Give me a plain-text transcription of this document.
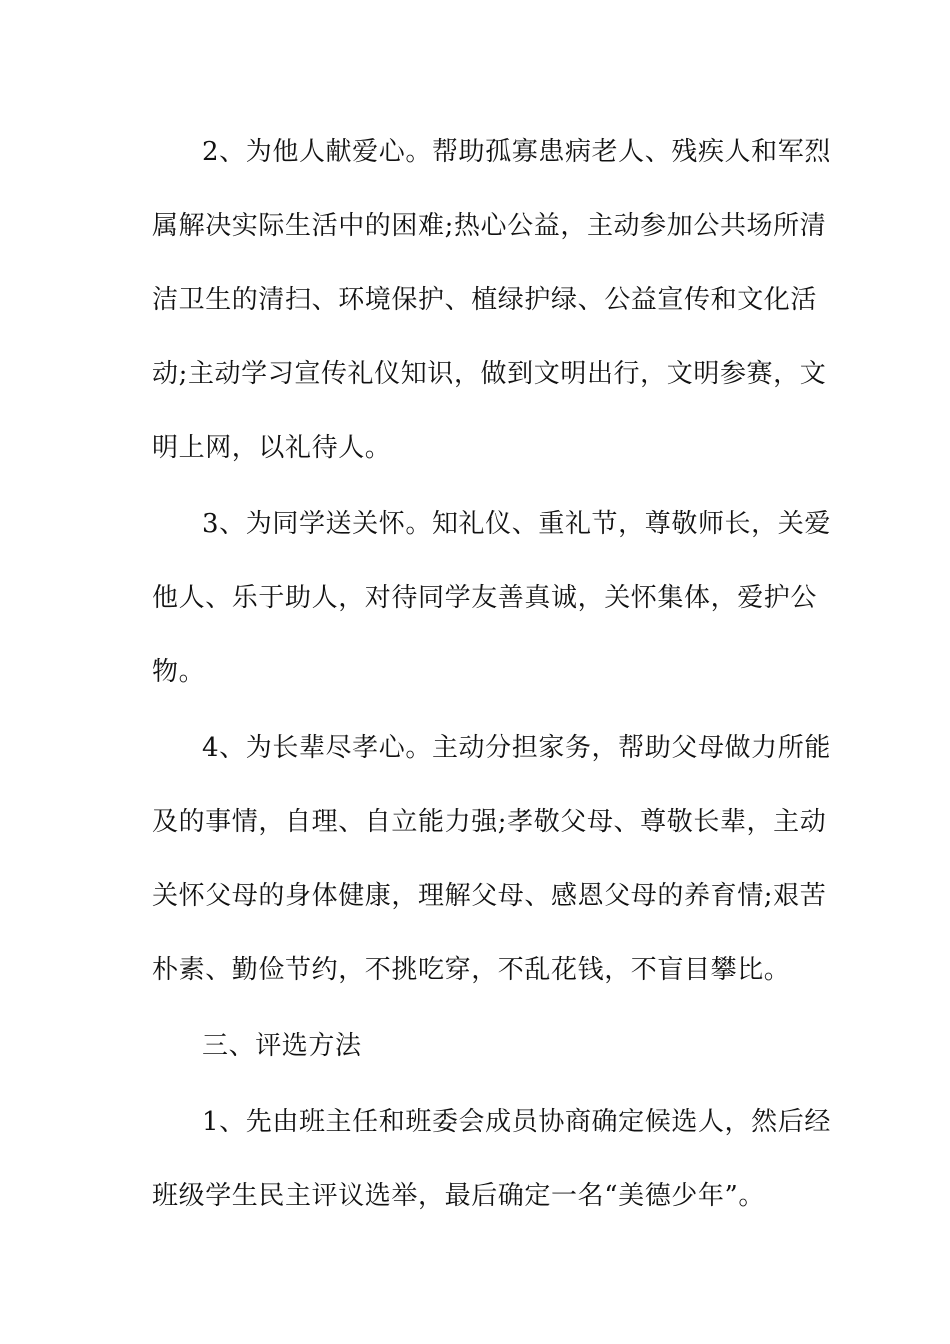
2、为他人献爱心。帮助孤寡患病老人、残疾人和军烈
属解决实际生活中的困难;热心公益，主动参加公共场所清
洁卫生的清扫、环境保护、植绿护绿、公益宣传和文化活
动;主动学习宣传礼仪知识，做到文明出行，文明参赛，文
明上网，以礼待人。
3、为同学送关怀。知礼仪、重礼节，尊敬师长，关爱
他人、乐于助人，对待同学友善真诚，关怀集体，爱护公
物。
4、为长辈尽孝心。主动分担家务，帮助父母做力所能
及的事情，自理、自立能力强;孝敬父母、尊敬长辈，主动
关怀父母的身体健康，理解父母、感恩父母的养育情;艰苦
朴素、勤俭节约，不挑吃穿，不乱花钱，不盲目攀比。
三、评选方法
1、先由班主任和班委会成员协商确定候选人，然后经
班级学生民主评议选举，最后确定一名“美德少年”。
